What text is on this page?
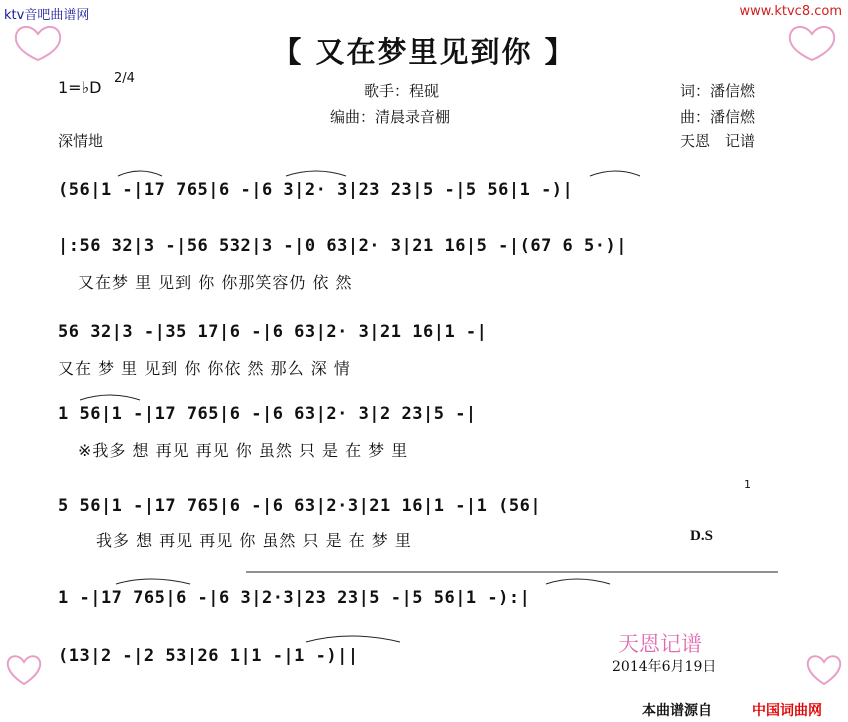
ktv音吧曲谱网	www.ktvc8.com
【 又在梦里见到你 】
1=♭D 2/4
歌手：程砚
编曲：清晨录音棚
词：潘信燃
曲：潘信燃
深情地	天恩　记谱
(56|1 -|17 765|6 -|6 3|2· 3|23 23|5 -|5 56|1 -)|
|:56 32|3 -|56 532|3 -|0 63|2· 3|21 16|5 -|(67 6 5·)|
又在梦 里 见到 你 你那笑容仍 依 然
56 32|3 -|35 17|6 -|6 63|2· 3|21 16|1 -|
又在 梦 里 见到 你 你依 然 那么 深 情
1 56|1 -|17 765|6 -|6 63|2· 3|2 23|5 -|
※我多 想 再见 再见 你 虽然 只 是 在 梦 里
5 56|1 -|17 765|6 -|6 63|2·3|21 16|1 -|1 (56|
我多 想 再见 再见 你 虽然 只 是 在 梦 里	D.S
1
1 -|17 765|6 -|6 3|2·3|23 23|5 -|5 56|1 -):|
(13|2 -|2 53|26 1|1 -|1 -)||	天恩记谱
2014年6月19日
本曲谱源自	中国词曲网
